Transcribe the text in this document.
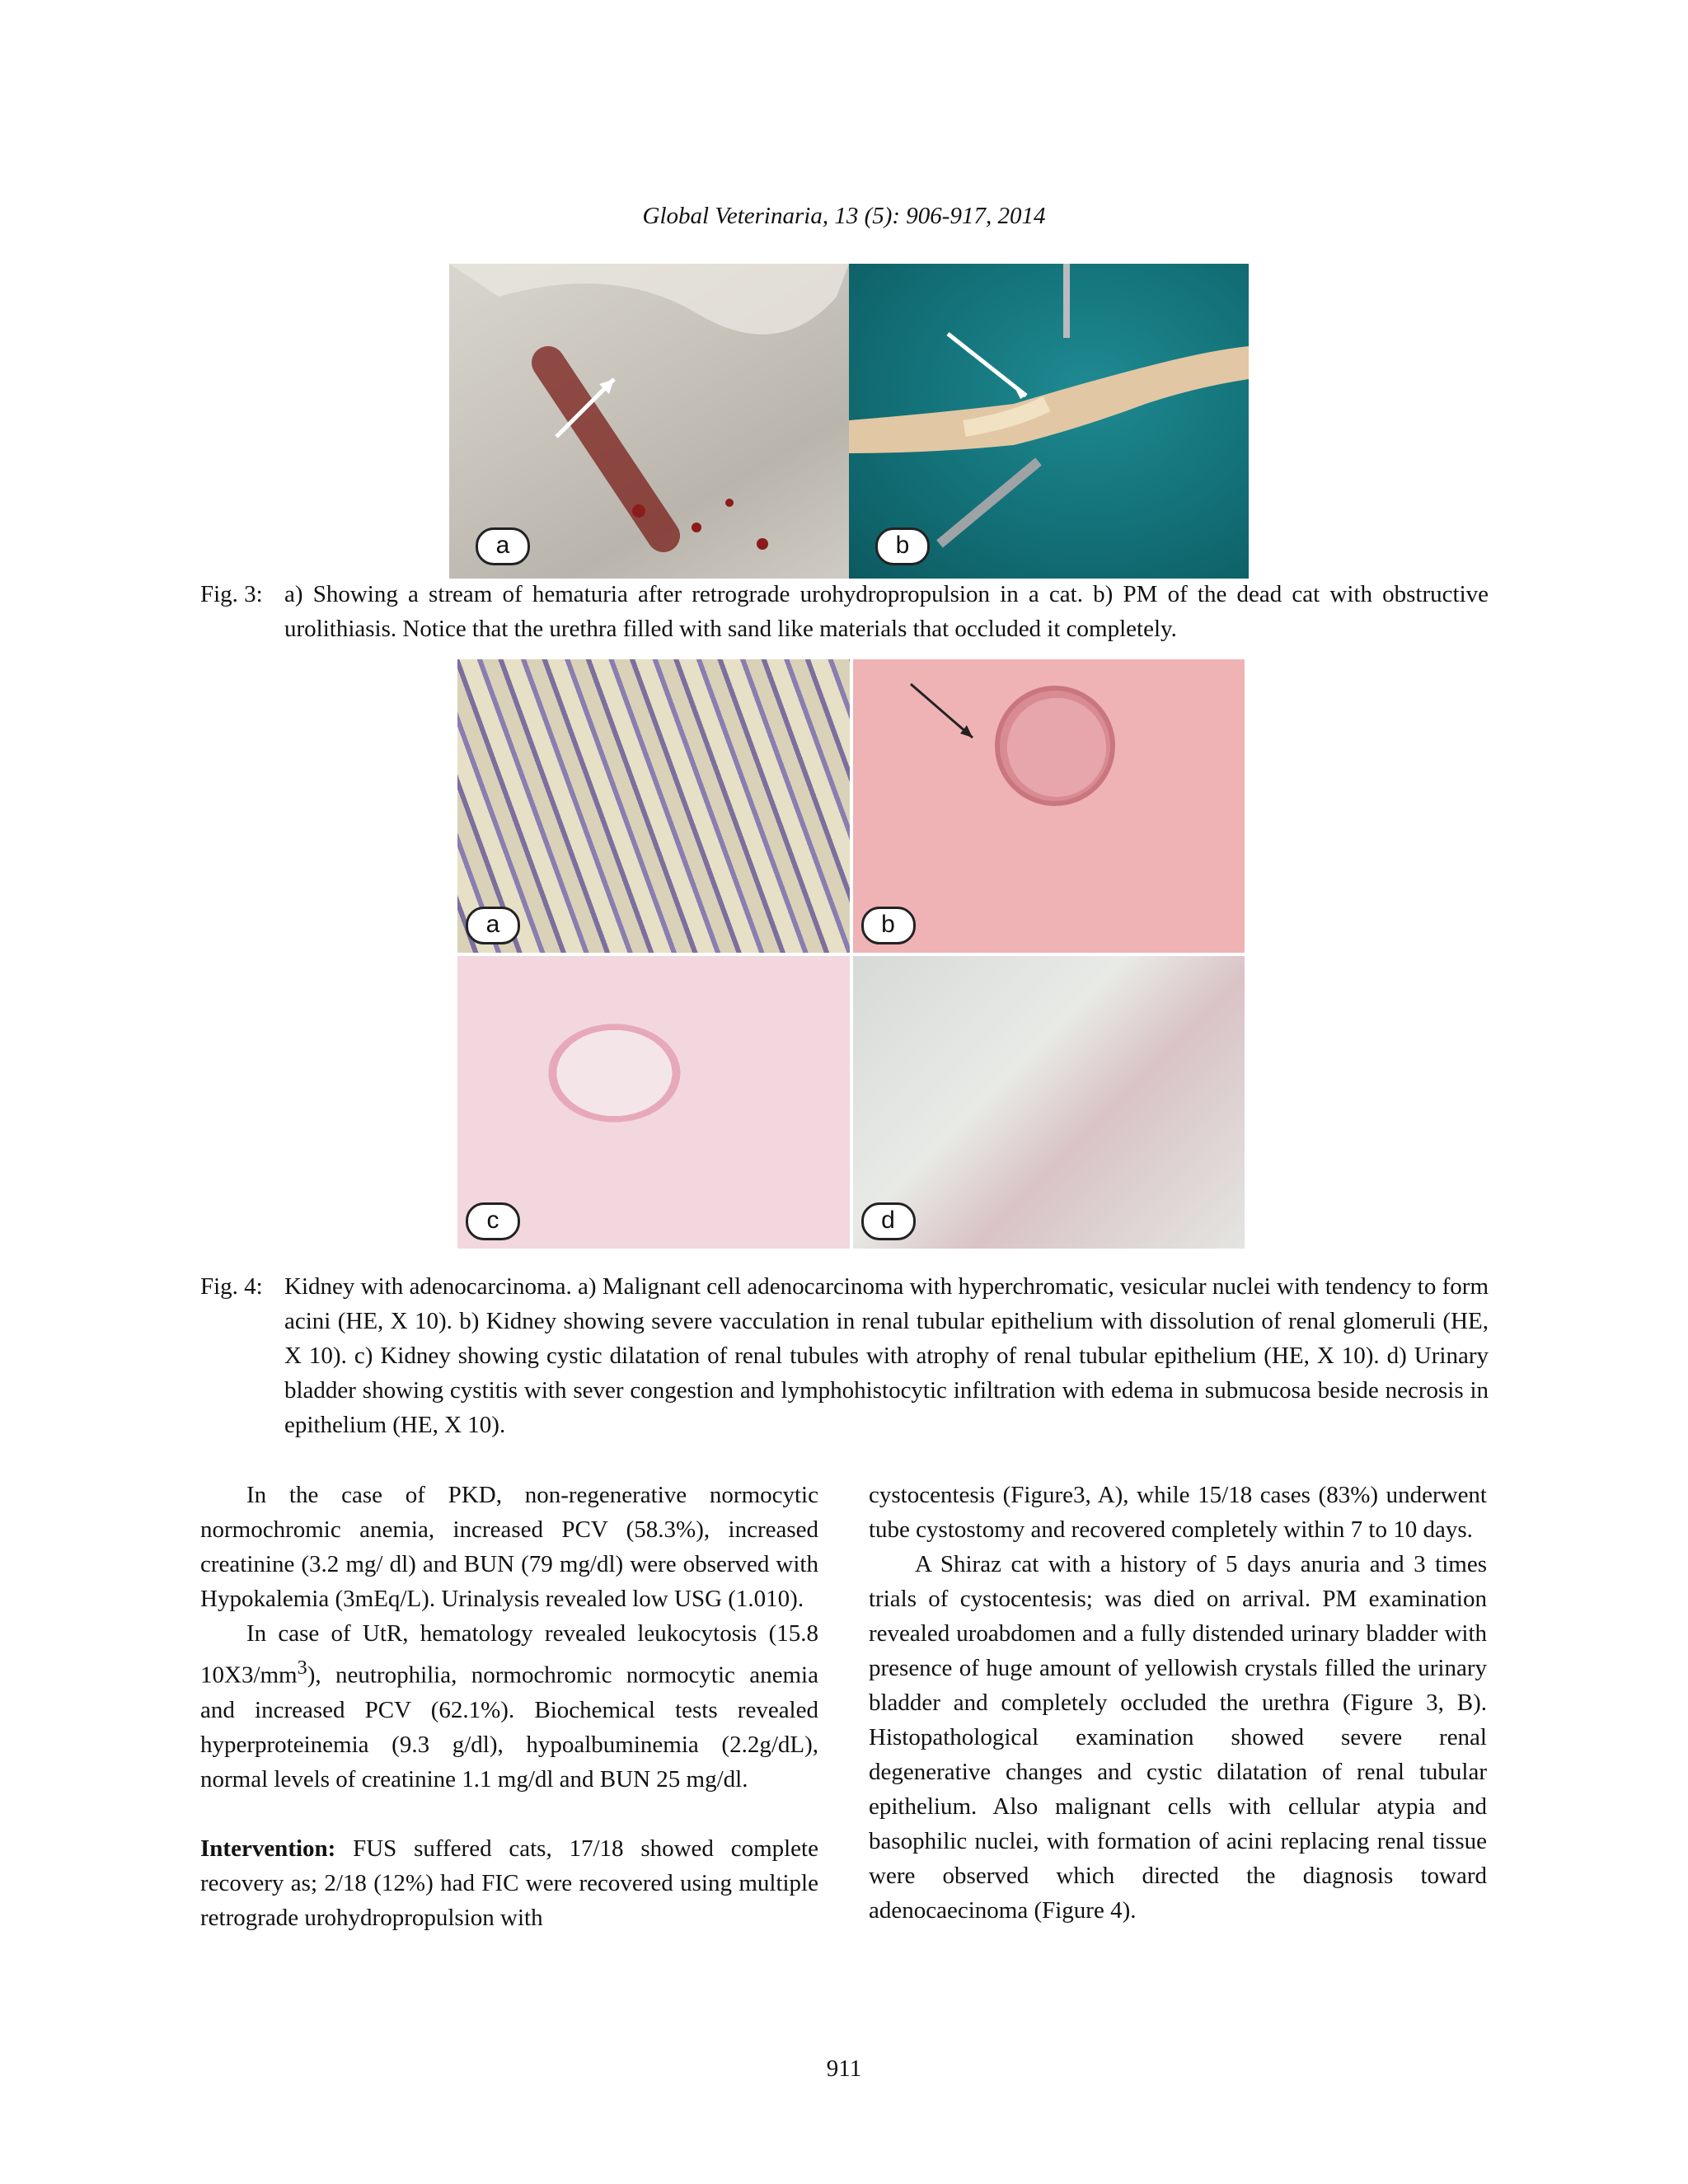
Global Veterinaria, 13 (5): 906-917, 2014
a	b
Fig. 3: a) Showing a stream of hematuria after retrograde urohydropropulsion in a cat. b) PM of the dead cat with obstructive urolithiasis. Notice that the urethra filled with sand like materials that occluded it completely.
a	b
c	d
Fig. 4: Kidney with adenocarcinoma. a) Malignant cell adenocarcinoma with hyperchromatic, vesicular nuclei with tendency to form acini (HE, X 10). b) Kidney showing severe vacculation in renal tubular epithelium with dissolution of renal glomeruli (HE, X 10). c) Kidney showing cystic dilatation of renal tubules with atrophy of renal tubular epithelium (HE, X 10). d) Urinary bladder showing cystitis with sever congestion and lymphohistocytic infiltration with edema in submucosa beside necrosis in epithelium (HE, X 10).

In the case of PKD, non-regenerative normocytic normochromic anemia, increased PCV (58.3%), increased creatinine (3.2 mg/ dl) and BUN (79 mg/dl) were observed with Hypokalemia (3mEq/L). Urinalysis revealed low USG (1.010).

In case of UtR, hematology revealed leukocytosis (15.8 $10X3/mm^3$), neutrophilia, normochromic normocytic anemia and increased PCV (62.1%). Biochemical tests revealed hyperproteinemia (9.3 g/dl), hypoalbuminemia (2.2g/dL), normal levels of creatinine 1.1 mg/dl and BUN 25 mg/dl.

Intervention: FUS suffered cats, 17/18 showed complete recovery as; 2/18 (12%) had FIC were recovered using multiple retrograde urohydropropulsion with

cystocentesis (Figure3, A), while 15/18 cases (83%) underwent tube cystostomy and recovered completely within 7 to 10 days.

A Shiraz cat with a history of 5 days anuria and 3 times trials of cystocentesis; was died on arrival. PM examination revealed uroabdomen and a fully distended urinary bladder with presence of huge amount of yellowish crystals filled the urinary bladder and completely occluded the urethra (Figure 3, B). Histopathological examination showed severe renal degenerative changes and cystic dilatation of renal tubular epithelium. Also malignant cells with cellular atypia and basophilic nuclei, with formation of acini replacing renal tissue were observed which directed the diagnosis toward adenocaecinoma (Figure 4).

911
